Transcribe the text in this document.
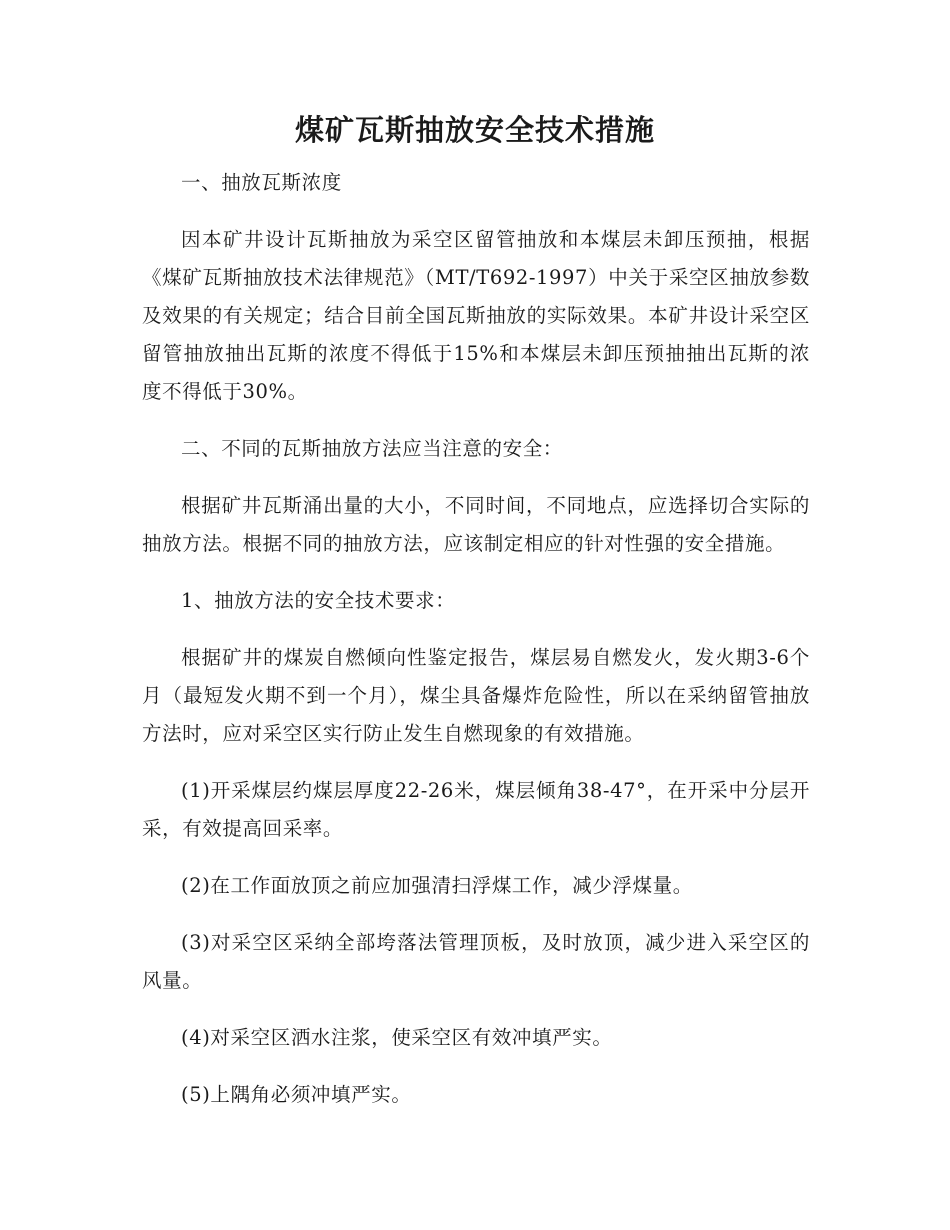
煤矿瓦斯抽放安全技术措施

一、抽放瓦斯浓度

因本矿井设计瓦斯抽放为采空区留管抽放和本煤层未卸压预抽，根据《煤矿瓦斯抽放技术法律规范》（MT/T692-1997）中关于采空区抽放参数及效果的有关规定；结合目前全国瓦斯抽放的实际效果。本矿井设计采空区留管抽放抽出瓦斯的浓度不得低于15%和本煤层未卸压预抽抽出瓦斯的浓度不得低于30%。

二、不同的瓦斯抽放方法应当注意的安全：

根据矿井瓦斯涌出量的大小，不同时间，不同地点，应选择切合实际的抽放方法。根据不同的抽放方法，应该制定相应的针对性强的安全措施。

1、抽放方法的安全技术要求：

根据矿井的煤炭自燃倾向性鉴定报告，煤层易自燃发火，发火期3-6个月（最短发火期不到一个月），煤尘具备爆炸危险性，所以在采纳留管抽放方法时，应对采空区实行防止发生自燃现象的有效措施。

(1)开采煤层约煤层厚度22-26米，煤层倾角38-47°，在开采中分层开采，有效提高回采率。

(2)在工作面放顶之前应加强清扫浮煤工作，减少浮煤量。

(3)对采空区采纳全部垮落法管理顶板，及时放顶，减少进入采空区的风量。

(4)对采空区洒水注浆，使采空区有效冲填严实。

(5)上隅角必须冲填严实。
